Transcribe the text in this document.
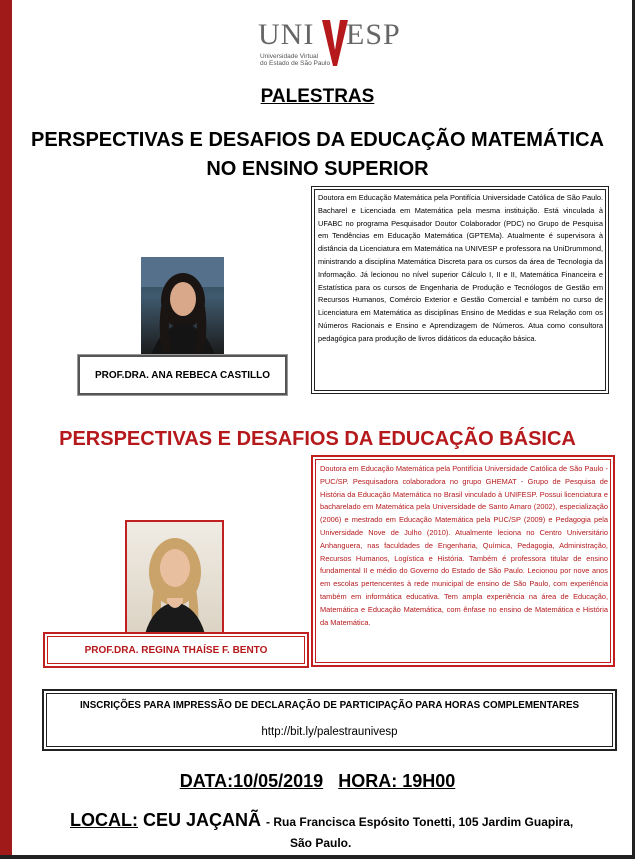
UNI ESP
Universidade Virtual
do Estado de São Paulo
PALESTRAS
PERSPECTIVAS E DESAFIOS DA EDUCAÇÃO MATEMÁTICA
NO ENSINO SUPERIOR
PROF.DRA. ANA REBECA CASTILLO
Doutora em Educação Matemática pela Pontifícia Universidade Católica de São Paulo. Bacharel e Licenciada em Matemática pela mesma instituição. Está vinculada à UFABC no programa Pesquisador Doutor Colaborador (PDC) no Grupo de Pesquisa em Tendências em Educação Matemática (GPTEMa). Atualmente é supervisora à distância da Licenciatura em Matemática na UNIVESP e professora na UniDrummond, ministrando a disciplina Matemática Discreta para os cursos da área de Tecnologia da Informação. Já lecionou no nível superior Cálculo I, II e II, Matemática Financeira e Estatística para os cursos de Engenharia de Produção e Tecnólogos de Gestão em Recursos Humanos, Comércio Exterior e Gestão Comercial e também no curso de Licenciatura em Matemática as disciplinas Ensino de Medidas e sua Relação com os Números Racionais e Ensino e Aprendizagem de Números. Atua como consultora pedagógica para produção de livros didáticos da educação básica.
PERSPECTIVAS E DESAFIOS DA EDUCAÇÃO BÁSICA
PROF.DRA. REGINA THAÍSE F. BENTO
Doutora em Educação Matemática pela Pontifícia Universidade Católica de São Paulo - PUC/SP. Pesquisadora colaboradora no grupo GHEMAT - Grupo de Pesquisa de História da Educação Matemática no Brasil vinculado à UNIFESP. Possui licenciatura e bacharelado em Matemática pela Universidade de Santo Amaro (2002), especialização (2006) e mestrado em Educação Matemática pela PUC/SP (2009) e Pedagogia pela Universidade Nove de Julho (2010). Atualmente leciona no Centro Universitário Anhanguera, nas faculdades de Engenharia, Química, Pedagogia, Administração, Recursos Humanos, Logística e História. Também é professora titular de ensino fundamental II e médio do Governo do Estado de São Paulo. Lecionou por nove anos em escolas pertencentes à rede municipal de ensino de São Paulo, com experiência também em informática educativa. Tem ampla experiência na área de Educação, Matemática e Educação Matemática, com ênfase no ensino de Matemática e História da Matemática.
INSCRIÇÕES PARA IMPRESSÃO DE DECLARAÇÃO DE PARTICIPAÇÃO PARA HORAS COMPLEMENTARES
http://bit.ly/palestraunivesp
DATA:10/05/2019 HORA: 19H00
LOCAL: CEU JAÇANÃ - Rua Francisca Espósito Tonetti, 105 Jardim Guapira,
São Paulo.
